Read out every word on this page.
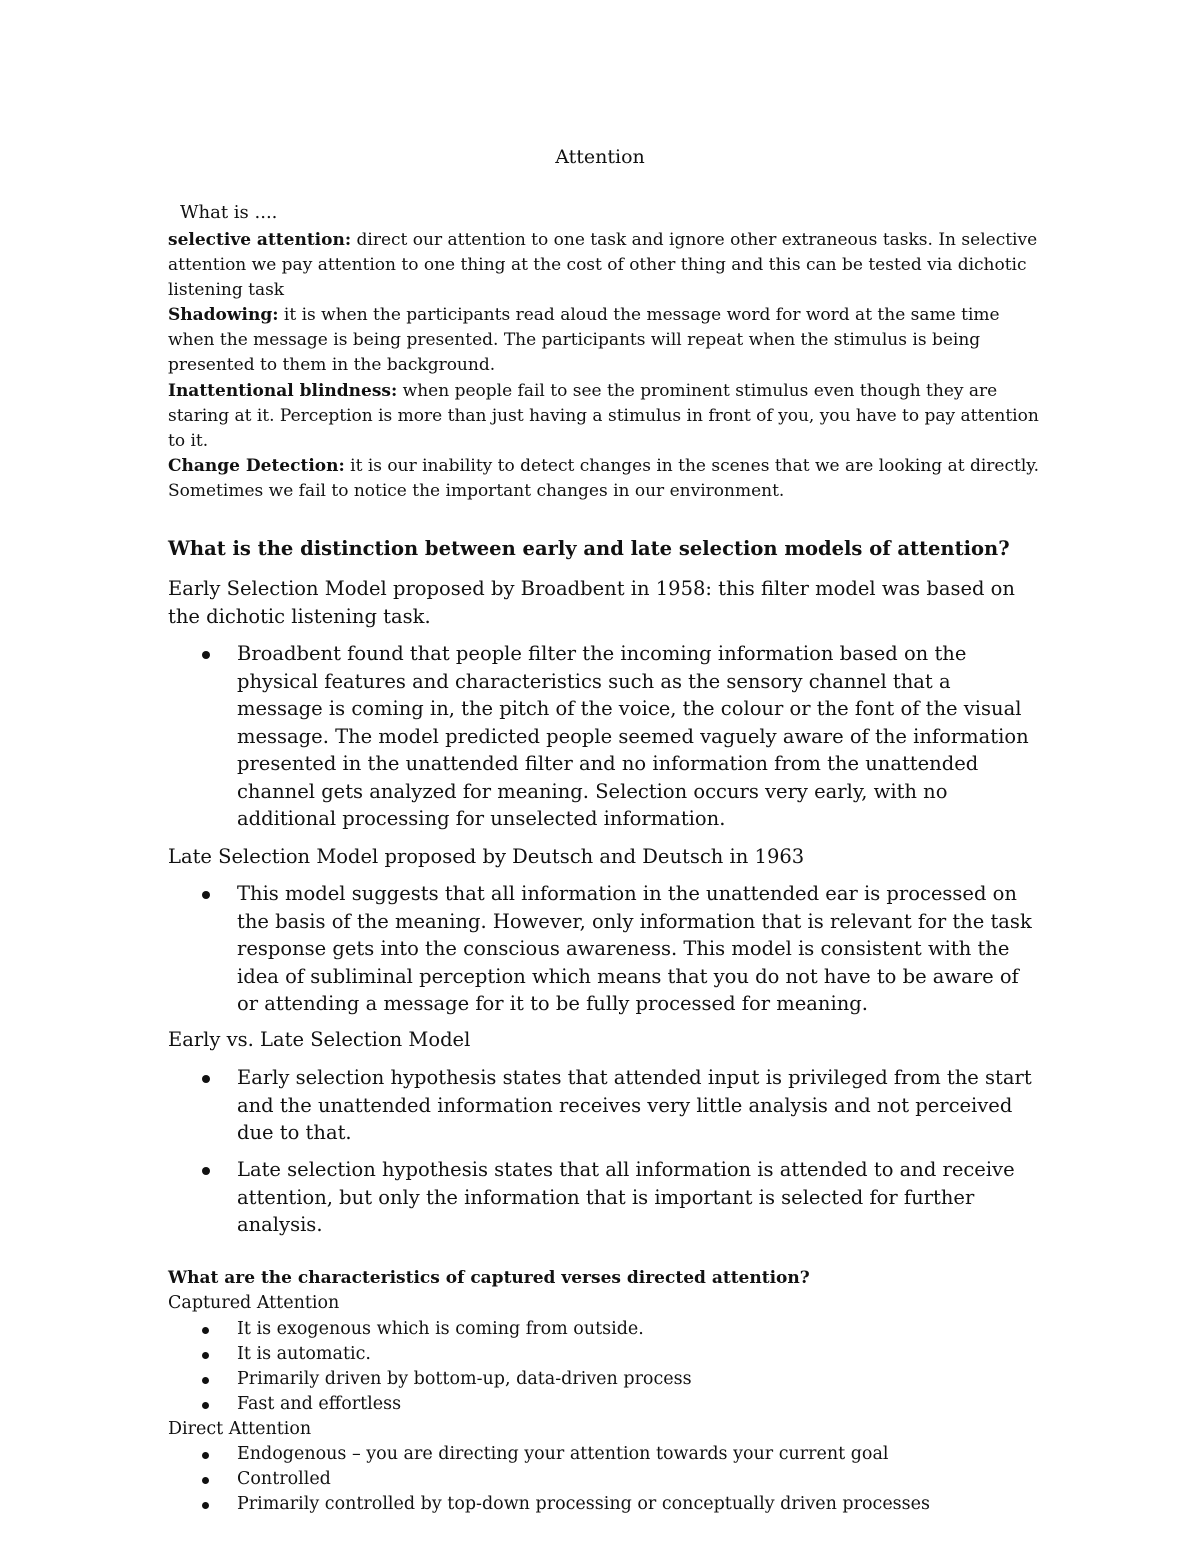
Attention
What is ....

selective attention: direct our attention to one task and ignore other extraneous tasks. In selective attention we pay attention to one thing at the cost of other thing and this can be tested via dichotic listening task

Shadowing: it is when the participants read aloud the message word for word at the same time when the message is being presented. The participants will repeat when the stimulus is being presented to them in the background.

Inattentional blindness: when people fail to see the prominent stimulus even though they are staring at it. Perception is more than just having a stimulus in front of you, you have to pay attention to it.

Change Detection: it is our inability to detect changes in the scenes that we are looking at directly. Sometimes we fail to notice the important changes in our environment.

What is the distinction between early and late selection models of attention?
Early Selection Model proposed by Broadbent in 1958: this filter model was based on the dichotic listening task.
Broadbent found that people filter the incoming information based on the physical features and characteristics such as the sensory channel that a message is coming in, the pitch of the voice, the colour or the font of the visual message. The model predicted people seemed vaguely aware of the information presented in the unattended filter and no information from the unattended channel gets analyzed for meaning. Selection occurs very early, with no additional processing for unselected information.
Late Selection Model proposed by Deutsch and Deutsch in 1963
This model suggests that all information in the unattended ear is processed on the basis of the meaning. However, only information that is relevant for the task response gets into the conscious awareness. This model is consistent with the idea of subliminal perception which means that you do not have to be aware of or attending a message for it to be fully processed for meaning.
Early vs. Late Selection Model
Early selection hypothesis states that attended input is privileged from the start and the unattended information receives very little analysis and not perceived due to that.
Late selection hypothesis states that all information is attended to and receive attention, but only the information that is important is selected for further analysis.
What are the characteristics of captured verses directed attention?
Captured Attention
It is exogenous which is coming from outside.
It is automatic.
Primarily driven by bottom-up, data-driven process
Fast and effortless
Direct Attention
Endogenous – you are directing your attention towards your current goal
Controlled
Primarily controlled by top-down processing or conceptually driven processes
